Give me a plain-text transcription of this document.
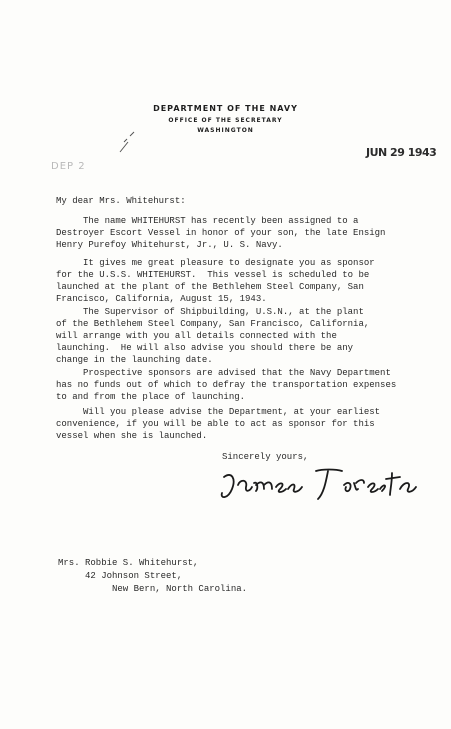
DEPARTMENT OF THE NAVY
OFFICE OF THE SECRETARY
WASHINGTON
JUN 29 1943
DEP 2

My dear Mrs. Whitehurst:

The name WHITEHURST has recently been assigned to a
Destroyer Escort Vessel in honor of your son, the late Ensign
Henry Purefoy Whitehurst, Jr., U. S. Navy.

It gives me great pleasure to designate you as sponsor
for the U.S.S. WHITEHURST.  This vessel is scheduled to be
launched at the plant of the Bethlehem Steel Company, San
Francisco, California, August 15, 1943.

The Supervisor of Shipbuilding, U.S.N., at the plant
of the Bethlehem Steel Company, San Francisco, California,
will arrange with you all details connected with the
launching.  He will also advise you should there be any
change in the launching date.

Prospective sponsors are advised that the Navy Department
has no funds out of which to defray the transportation expenses
to and from the place of launching.

Will you please advise the Department, at your earliest
convenience, if you will be able to act as sponsor for this
vessel when she is launched.

Sincerely yours,

Mrs. Robbie S. Whitehurst,
42 Johnson Street,
New Bern, North Carolina.
